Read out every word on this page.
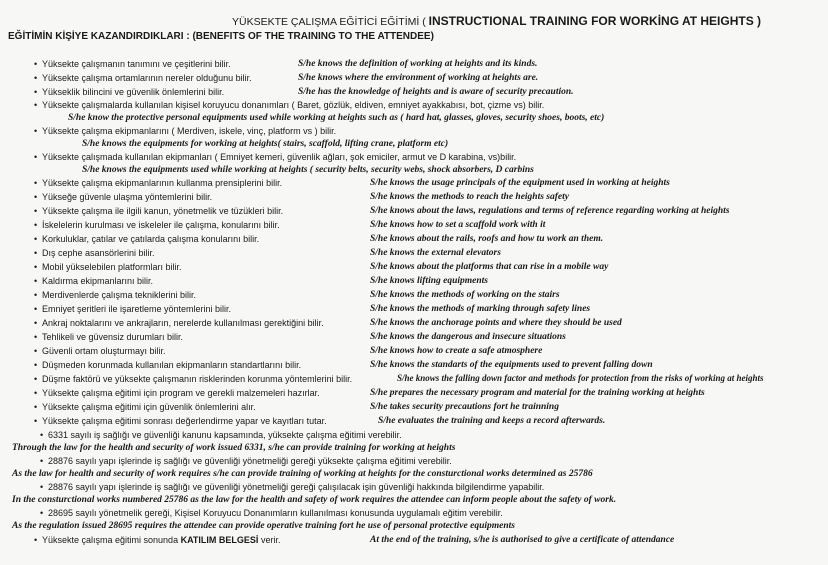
YÜKSEKTE ÇALIŞMA EĞİTİCİ EĞİTİMİ ( INSTRUCTIONAL TRAINING FOR WORKİNG AT HEIGHTS )
EĞİTİMİN KİŞİYE KAZANDIRDIKLARI : (BENEFITS OF THE TRAINING TO THE ATTENDEE)
• Yüksekte çalışmanın tanımını ve çeşitlerini bilir.	S/he knows the definition of working at heights and its kinds.
• Yüksekte çalışma ortamlarının nereler olduğunu bilir.	S/he knows where the environment of working at heights are.
• Yükseklik bilincini ve güvenlik önlemlerini bilir.	S/he has the knowledge of heights and is aware of security precaution.
• Yüksekte çalışmalarda kullanılan kişisel koruyucu donanımları ( Baret, gözlük, eldiven, emniyet ayakkabısı, bot, çizme vs) bilir.
S/he know the protective personal equipments used while working at heights such as ( hard hat, glasses, gloves, security shoes, boots, etc)
• Yüksekte çalışma ekipmanlarını ( Merdiven, iskele, vinç, platform vs ) bilir.
S/he knows the equipments for working at heights( stairs, scaffold, lifting crane, platform etc)
• Yüksekte çalışmada kullanılan ekipmanları ( Emniyet kemeri, güvenlik ağları, şok emiciler, armut ve D karabina, vs)bilir.
S/he knows the equipments used while working at heights ( security belts, security webs, shock absorbers, D carbins
• Yüksekte çalışma ekipmanlarının kullanma prensiplerini bilir.	S/he knows the usage principals of the equipment used in working at heights
• Yükseğe güvenle ulaşma yöntemlerini bilir.	S/he knows the methods to reach the heights safety
• Yüksekte çalışma ile ilgili kanun, yönetmelik ve tüzükleri bilir.	S/he knows about the laws, regulations and terms of reference regarding working at heights
• İskelelerin kurulması ve iskeleler ile çalışma, konularını bilir.	S/he knows how to set a scaffold work with it
• Korkuluklar, çatılar ve çatılarda çalışma konularını bilir.	S/he knows about the rails, roofs and how tu work an them.
• Dış cephe asansörlerini bilir.	S/he knows the external elevators
• Mobil yükselebilen platformları bilir.	S/he knows about the platforms that can rise in a mobile way
• Kaldırma ekipmanlarını bilir.	S/he knows lifting equipments
• Merdivenlerde çalışma tekniklerini bilir.	S/he knows the methods of working on the stairs
• Emniyet şeritleri ile işaretleme yöntemlerini bilir.	S/he knows the methods of marking through safety lines
• Ankraj noktalarını ve ankrajların, nerelerde kullanılması gerektiğini bilir.	S/he knows the anchorage points and where they should be used
• Tehlikeli ve güvensiz durumları bilir.	S/he knows the dangerous and insecure situations
• Güvenli ortam oluşturmayı bilir.	S/he knows how to create a safe atmosphere
• Düşmeden korunmada kullanılan ekipmanların standartlarını bilir.	S/he knows the standarts of the equipments used to prevent falling down
• Düşme faktörü ve yüksekte çalışmanın risklerinden korunma yöntemlerini bilir.	S/he knows the falling down factor and methods for protection from the risks of working at heights
• Yüksekte çalışma eğitimi için program ve gerekli malzemeleri hazırlar.	S/he prepares the necessary program and material for the training working at heights
• Yüksekte çalışma eğitimi için güvenlik önlemlerini alır.	S/he takes security precautions fort he trainning
• Yüksekte çalışma eğitimi sonrası değerlendirme yapar ve kayıtları tutar.	S/he evaluates the training and keeps a record afterwards.
• 6331 sayılı iş sağlığı ve güvenliği kanunu kapsamında, yüksekte çalışma eğitimi verebilir.
Through the law for the health and security of work issued 6331, s/he can provide training for working at heights
• 28876 sayılı yapı işlerinde iş sağlığı ve güvenliği yönetmeliği gereği yüksekte çalışma eğitimi verebilir.
As the law for health and security of work requires s/he can provide training of working at heights for the consturctional works determined as 25786
• 28876 sayılı yapı işlerinde iş sağlığı ve güvenliği yönetmeliği gereği çalışılacak işin güvenliği hakkında bilgilendirme yapabilir.
In the consturctional works numbered 25786 as the law for the health and safety of work requires the attendee can inform people about the safety of work.
• 28695 sayılı yönetmelik gereği, Kişisel Koruyucu Donanımların kullanılması konusunda uygulamalı eğitim verebilir.
As the regulation issued 28695 requires the attendee can provide operative training fort he use of personal protective equipments
• Yüksekte çalışma eğitimi sonunda KATILIM BELGESİ verir.	At the end of the training, s/he is authorised to give a certificate of attendance
